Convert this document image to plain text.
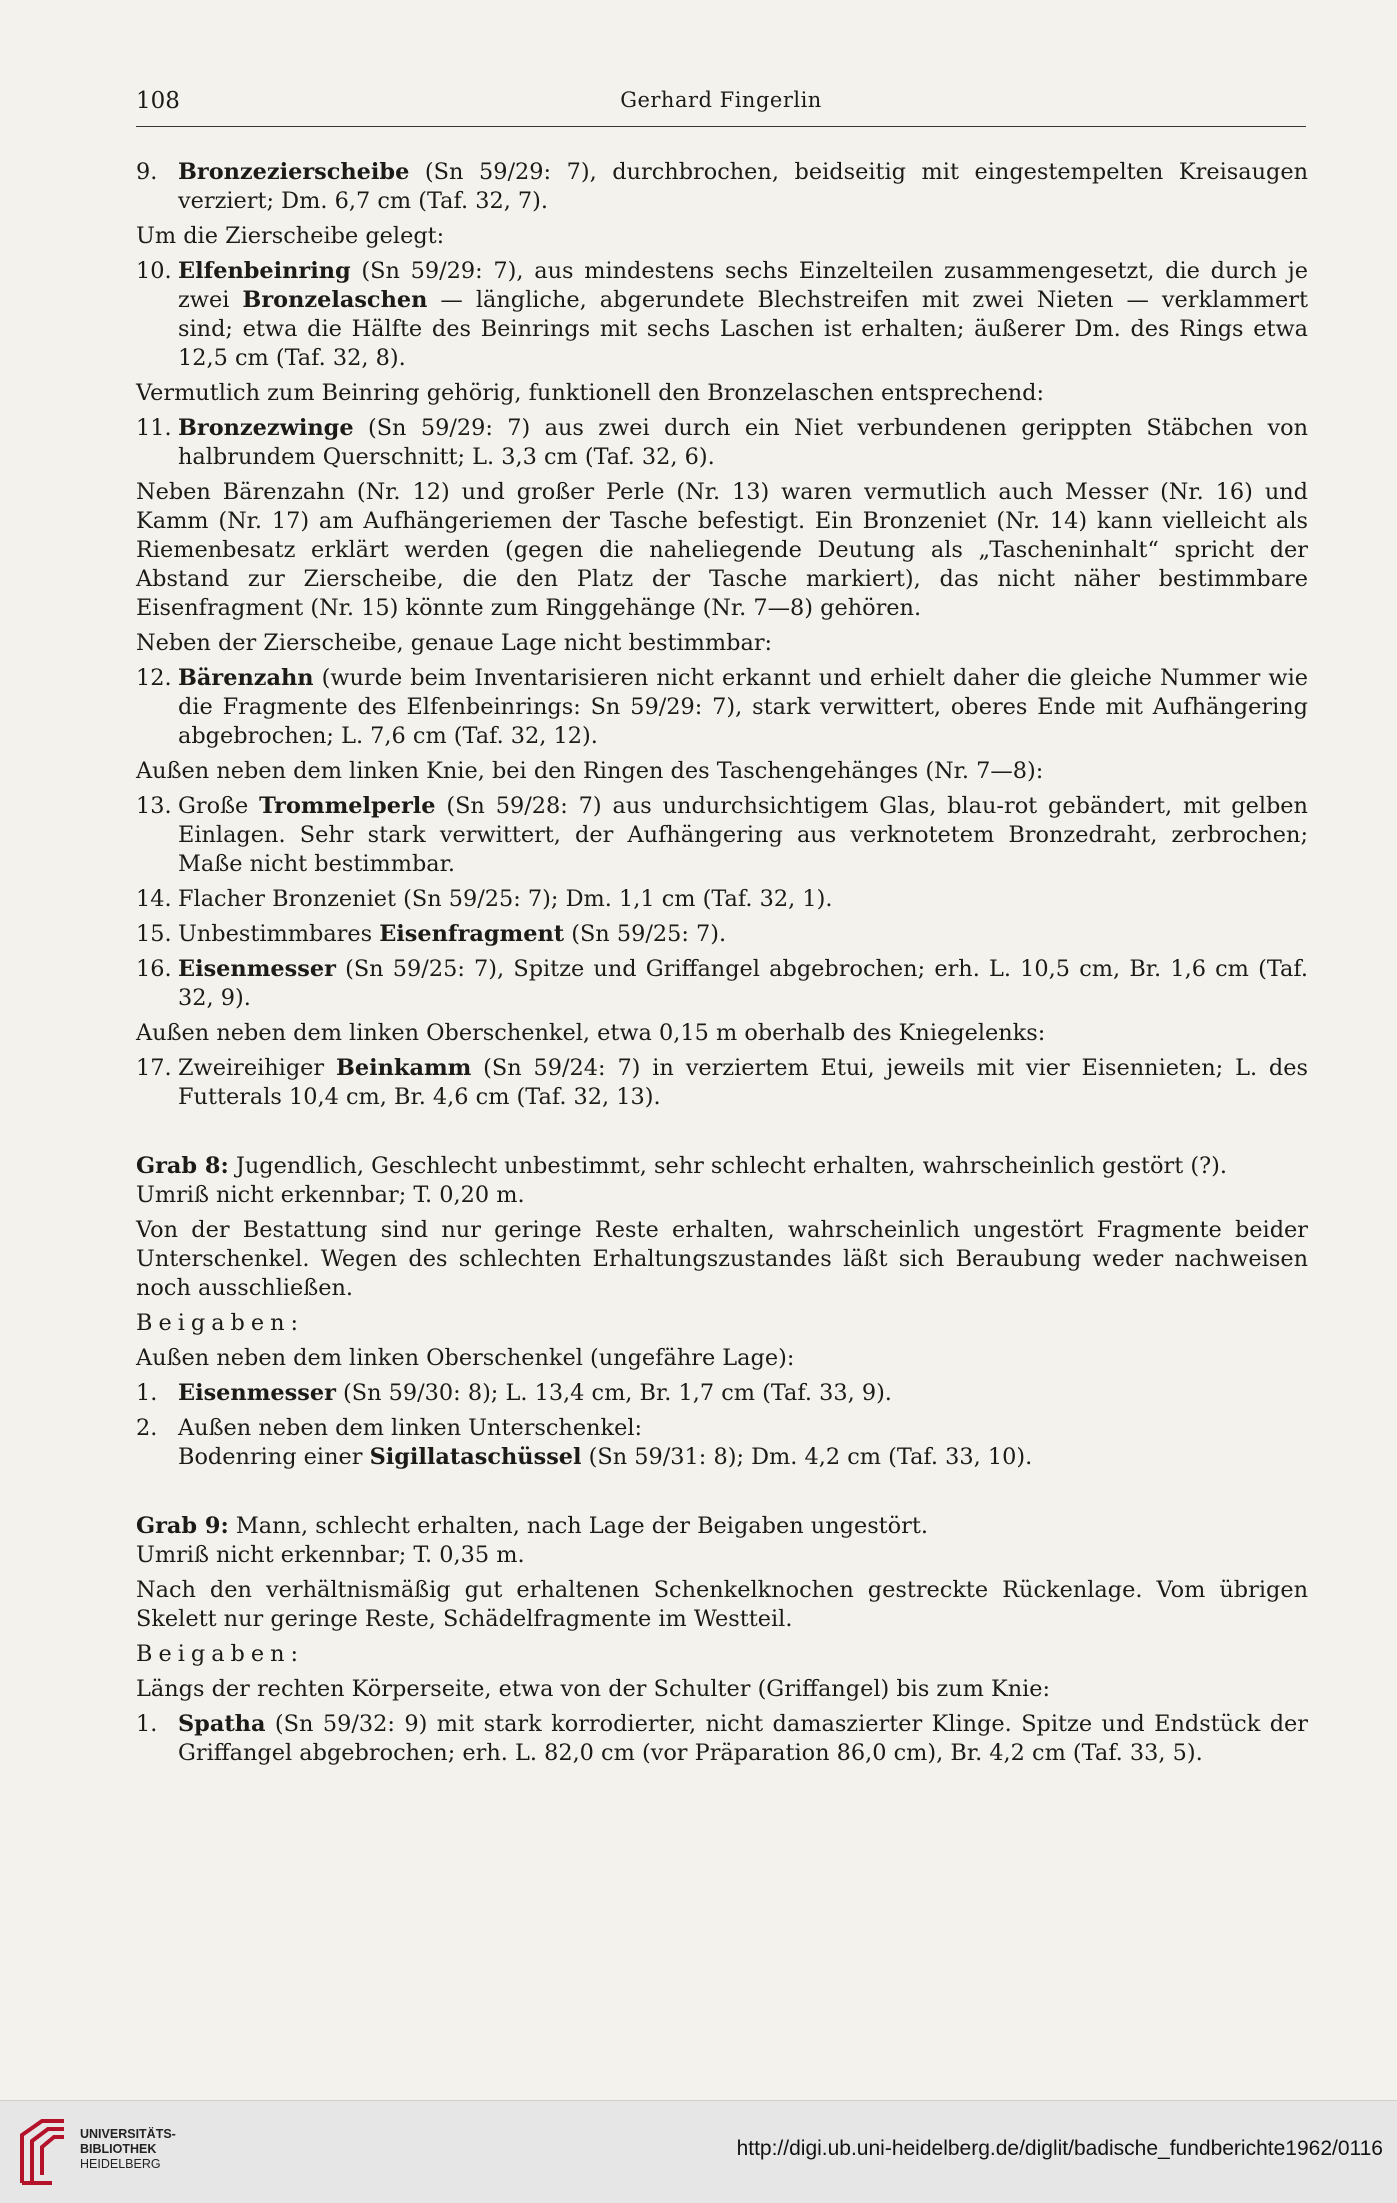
108	Gerhard Fingerlin
9. Bronzezierscheibe (Sn 59/29: 7), durchbrochen, beidseitig mit eingestempelten Kreisaugen verziert; Dm. 6,7 cm (Taf. 32, 7).

Um die Zierscheibe gelegt:

10. Elfenbeinring (Sn 59/29: 7), aus mindestens sechs Einzelteilen zusammengesetzt, die durch je zwei Bronzelaschen — längliche, abgerundete Blechstreifen mit zwei Nieten — verklammert sind; etwa die Hälfte des Beinrings mit sechs Laschen ist erhalten; äußerer Dm. des Rings etwa 12,5 cm (Taf. 32, 8).

Vermutlich zum Beinring gehörig, funktionell den Bronzelaschen entsprechend:

11. Bronzezwinge (Sn 59/29: 7) aus zwei durch ein Niet verbundenen gerippten Stäbchen von halbrundem Querschnitt; L. 3,3 cm (Taf. 32, 6).

Neben Bärenzahn (Nr. 12) und großer Perle (Nr. 13) waren vermutlich auch Messer (Nr. 16) und Kamm (Nr. 17) am Aufhängeriemen der Tasche befestigt. Ein Bronzeniet (Nr. 14) kann vielleicht als Riemenbesatz erklärt werden (gegen die naheliegende Deutung als „Tascheninhalt“ spricht der Abstand zur Zierscheibe, die den Platz der Tasche markiert), das nicht näher bestimmbare Eisenfragment (Nr. 15) könnte zum Ringgehänge (Nr. 7—8) gehören.

Neben der Zierscheibe, genaue Lage nicht bestimmbar:

12. Bärenzahn (wurde beim Inventarisieren nicht erkannt und erhielt daher die gleiche Nummer wie die Fragmente des Elfenbeinrings: Sn 59/29: 7), stark verwittert, oberes Ende mit Aufhängering abgebrochen; L. 7,6 cm (Taf. 32, 12).

Außen neben dem linken Knie, bei den Ringen des Taschengehänges (Nr. 7—8):

13. Große Trommelperle (Sn 59/28: 7) aus undurchsichtigem Glas, blau-rot gebändert, mit gelben Einlagen. Sehr stark verwittert, der Aufhängering aus verknotetem Bronzedraht, zerbrochen; Maße nicht bestimmbar.
14. Flacher Bronzeniet (Sn 59/25: 7); Dm. 1,1 cm (Taf. 32, 1).
15. Unbestimmbares Eisenfragment (Sn 59/25: 7).
16. Eisenmesser (Sn 59/25: 7), Spitze und Griffangel abgebrochen; erh. L. 10,5 cm, Br. 1,6 cm (Taf. 32, 9).

Außen neben dem linken Oberschenkel, etwa 0,15 m oberhalb des Kniegelenks:

17. Zweireihiger Beinkamm (Sn 59/24: 7) in verziertem Etui, jeweils mit vier Eisennieten; L. des Futterals 10,4 cm, Br. 4,6 cm (Taf. 32, 13).

Grab 8: Jugendlich, Geschlecht unbestimmt, sehr schlecht erhalten, wahrscheinlich gestört (?).
Umriß nicht erkennbar; T. 0,20 m.

Von der Bestattung sind nur geringe Reste erhalten, wahrscheinlich ungestört Fragmente beider Unterschenkel. Wegen des schlechten Erhaltungszustandes läßt sich Beraubung weder nachweisen noch ausschließen.

Beigaben:

Außen neben dem linken Oberschenkel (ungefähre Lage):

1. Eisenmesser (Sn 59/30: 8); L. 13,4 cm, Br. 1,7 cm (Taf. 33, 9).
2. Außen neben dem linken Unterschenkel:
Bodenring einer Sigillataschüssel (Sn 59/31: 8); Dm. 4,2 cm (Taf. 33, 10).

Grab 9: Mann, schlecht erhalten, nach Lage der Beigaben ungestört.
Umriß nicht erkennbar; T. 0,35 m.

Nach den verhältnismäßig gut erhaltenen Schenkelknochen gestreckte Rückenlage. Vom übrigen Skelett nur geringe Reste, Schädelfragmente im Westteil.

Beigaben:

Längs der rechten Körperseite, etwa von der Schulter (Griffangel) bis zum Knie:

1. Spatha (Sn 59/32: 9) mit stark korrodierter, nicht damaszierter Klinge. Spitze und Endstück der Griffangel abgebrochen; erh. L. 82,0 cm (vor Präparation 86,0 cm), Br. 4,2 cm (Taf. 33, 5).
UNIVERSITÄTS-
BIBLIOTHEK
HEIDELBERG
http://digi.ub.uni-heidelberg.de/diglit/badische_fundberichte1962/0116
